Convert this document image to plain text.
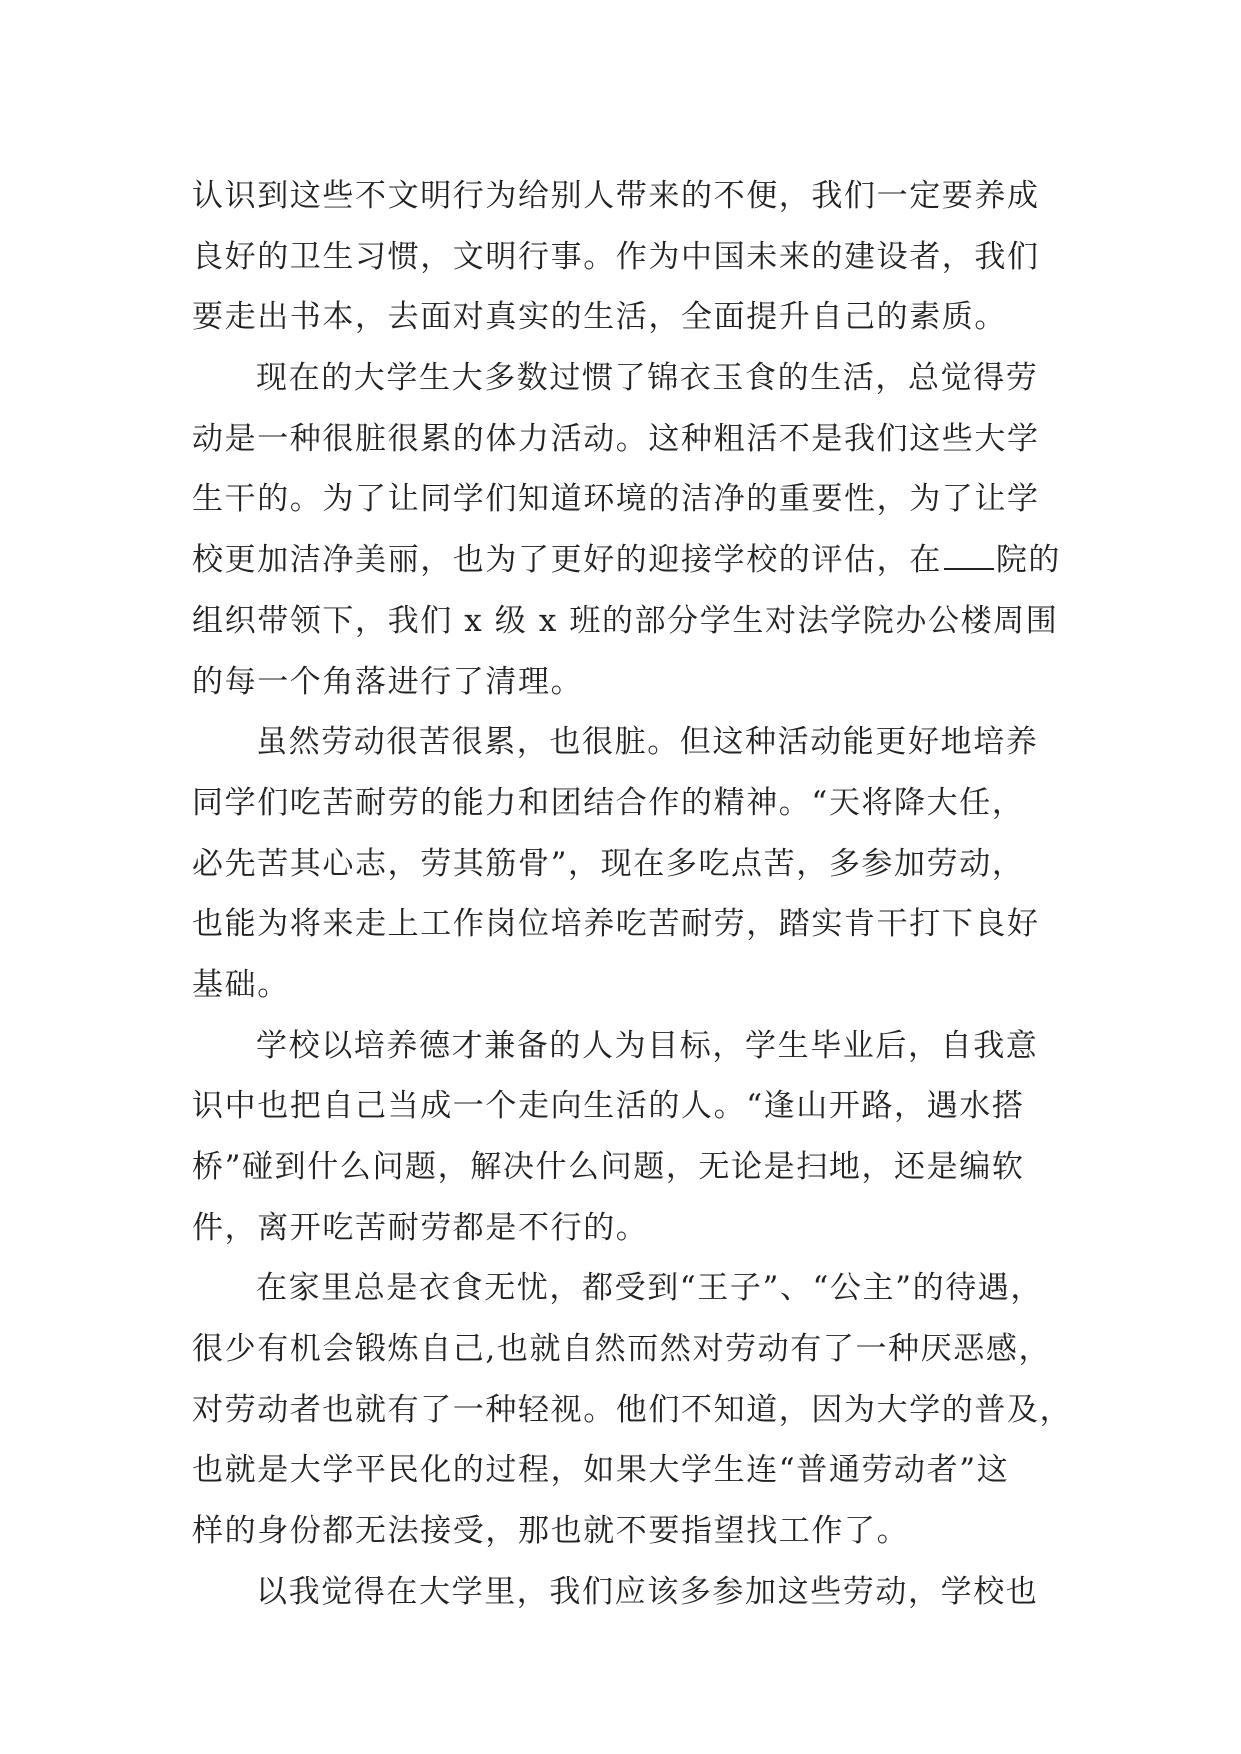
认识到这些不文明行为给别人带来的不便，我们一定要养成
良好的卫生习惯，文明行事。作为中国未来的建设者，我们
要走出书本，去面对真实的生活，全面提升自己的素质。
现在的大学生大多数过惯了锦衣玉食的生活，总觉得劳
动是一种很脏很累的体力活动。这种粗活不是我们这些大学
生干的。为了让同学们知道环境的洁净的重要性，为了让学
校更加洁净美丽，也为了更好的迎接学校的评估，在 院的
组织带领下，我们 x 级 x 班的部分学生对法学院办公楼周围
的每一个角落进行了清理。
虽然劳动很苦很累，也很脏。但这种活动能更好地培养
同学们吃苦耐劳的能力和团结合作的精神。“天将降大任，
必先苦其心志，劳其筋骨”，现在多吃点苦，多参加劳动，
也能为将来走上工作岗位培养吃苦耐劳，踏实肯干打下良好
基础。
学校以培养德才兼备的人为目标，学生毕业后，自我意
识中也把自己当成一个走向生活的人。“逢山开路，遇水搭
桥”碰到什么问题，解决什么问题，无论是扫地，还是编软
件，离开吃苦耐劳都是不行的。
在家里总是衣食无忧，都受到“王子”、“公主”的待遇，
很少有机会锻炼自己,也就自然而然对劳动有了一种厌恶感，
对劳动者也就有了一种轻视。他们不知道，因为大学的普及，
也就是大学平民化的过程，如果大学生连“普通劳动者”这
样的身份都无法接受，那也就不要指望找工作了。
以我觉得在大学里，我们应该多参加这些劳动，学校也
